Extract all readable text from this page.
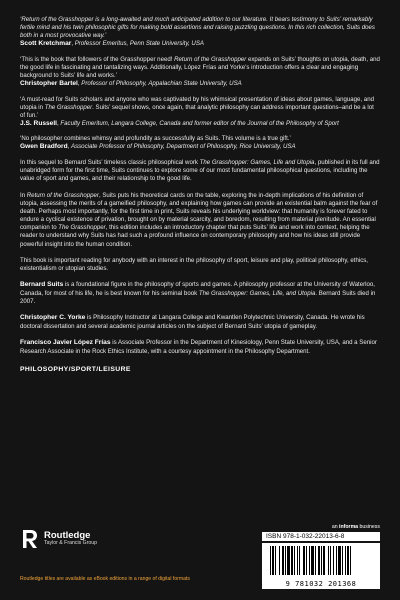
‘Return of the Grasshopper is a long-awaited and much anticipated addition to our literature. It bears testimony to Suits’ remarkably fertile mind and his twin philosophic gifts for making bold assertions and raising puzzling questions. In this rich collection, Suits does both in a most provocative way.’

Scott Kretchmar, Professor Emeritus, Penn State University, USA

‘This is the book that followers of the Grasshopper need! Return of the Grasshopper expands on Suits’ thoughts on utopia, death, and the good life in fascinating and tantalizing ways. Additionally, López Frías and Yorke’s introduction offers a clear and engaging background to Suits’ life and works.’

Christopher Bartel, Professor of Philosophy, Appalachian State University, USA

‘A must-read for Suits scholars and anyone who was captivated by his whimsical presentation of ideas about games, language, and utopia in The Grasshopper. Suits’ sequel shows, once again, that analytic philosophy can address important questions–and be a lot of fun.’

J.S. Russell, Faculty Emeritum, Langara College, Canada and former editor of the Journal of the Philosophy of Sport

‘No philosopher combines whimsy and profundity as successfully as Suits. This volume is a true gift.’

Gwen Bradford, Associate Professor of Philosophy, Department of Philosophy, Rice University, USA

In this sequel to Bernard Suits’ timeless classic philosophical work The Grasshopper: Games, Life and Utopia, published in its full and unabridged form for the first time, Suits continues to explore some of our most fundamental philosophical questions, including the value of sport and games, and their relationship to the good life.

In Return of the Grasshopper, Suits puts his theoretical cards on the table, exploring the in-depth implications of his definition of utopia, assessing the merits of a gameified philosophy, and explaining how games can provide an existential balm against the fear of death. Perhaps most importantly, for the first time in print, Suits reveals his underlying worldview: that humanity is forever fated to endure a cyclical existence of privation, brought on by material scarcity, and boredom, resulting from material plenitude. An essential companion to The Grasshopper, this edition includes an introductory chapter that puts Suits’ life and work into context, helping the reader to understand why Suits has had such a profound influence on contemporary philosophy and how his ideas still provide powerful insight into the human condition.

This book is important reading for anybody with an interest in the philosophy of sport, leisure and play, political philosophy, ethics, existentialism or utopian studies.

Bernard Suits is a foundational figure in the philosophy of sports and games. A philosophy professor at the University of Waterloo, Canada, for most of his life, he is best known for his seminal book The Grasshopper: Games, Life, and Utopia. Bernard Suits died in 2007.

Christopher C. Yorke is Philosophy Instructor at Langara College and Kwantlen Polytechnic University, Canada. He wrote his doctoral dissertation and several academic journal articles on the subject of Bernard Suits’ utopia of gameplay.

Francisco Javier López Frías is Associate Professor in the Department of Kinesiology, Penn State University, USA, and a Senior Research Associate in the Rock Ethics Institute, with a courtesy appointment in the Philosophy Department.

PHILOSOPHY/SPORT/LEISURE
Routledge
Taylor & Francis Group
Routledge titles are available as eBook editions in a range of digital formats
an informa business
ISBN 978-1-032-22013-6-8
9 781032 201368
